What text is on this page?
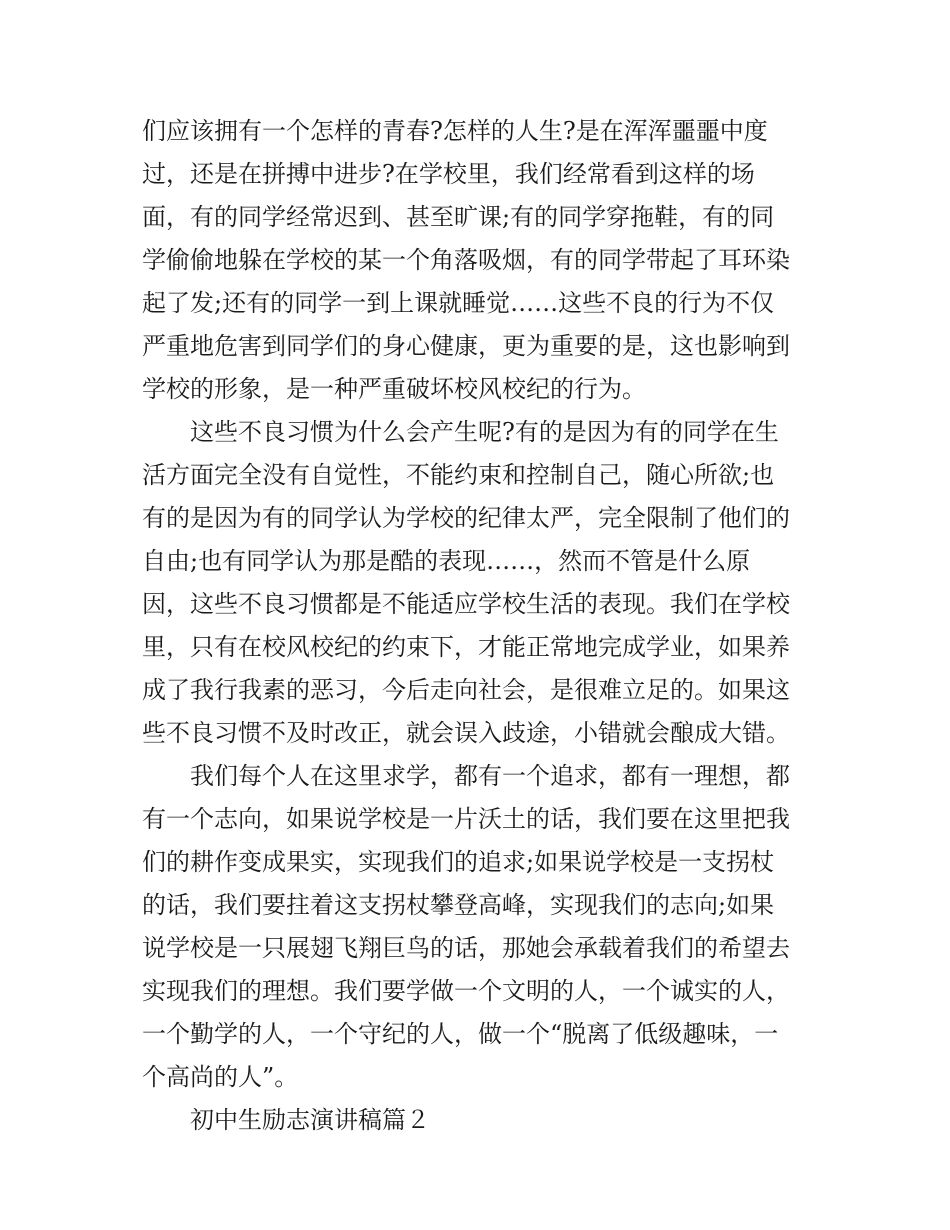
们应该拥有一个怎样的青春?怎样的人生?是在浑浑噩噩中度
过，还是在拼搏中进步?在学校里，我们经常看到这样的场
面，有的同学经常迟到、甚至旷课;有的同学穿拖鞋，有的同
学偷偷地躲在学校的某一个角落吸烟，有的同学带起了耳环染
起了发;还有的同学一到上课就睡觉……这些不良的行为不仅
严重地危害到同学们的身心健康，更为重要的是，这也影响到
学校的形象，是一种严重破坏校风校纪的行为。
这些不良习惯为什么会产生呢?有的是因为有的同学在生
活方面完全没有自觉性，不能约束和控制自己，随心所欲;也
有的是因为有的同学认为学校的纪律太严，完全限制了他们的
自由;也有同学认为那是酷的表现……，然而不管是什么原
因，这些不良习惯都是不能适应学校生活的表现。我们在学校
里，只有在校风校纪的约束下，才能正常地完成学业，如果养
成了我行我素的恶习，今后走向社会，是很难立足的。如果这
些不良习惯不及时改正，就会误入歧途，小错就会酿成大错。
我们每个人在这里求学，都有一个追求，都有一理想，都
有一个志向，如果说学校是一片沃土的话，我们要在这里把我
们的耕作变成果实，实现我们的追求;如果说学校是一支拐杖
的话，我们要拄着这支拐杖攀登高峰，实现我们的志向;如果
说学校是一只展翅飞翔巨鸟的话，那她会承载着我们的希望去
实现我们的理想。我们要学做一个文明的人，一个诚实的人，
一个勤学的人，一个守纪的人，做一个“脱离了低级趣味，一
个高尚的人”。
初中生励志演讲稿篇２
